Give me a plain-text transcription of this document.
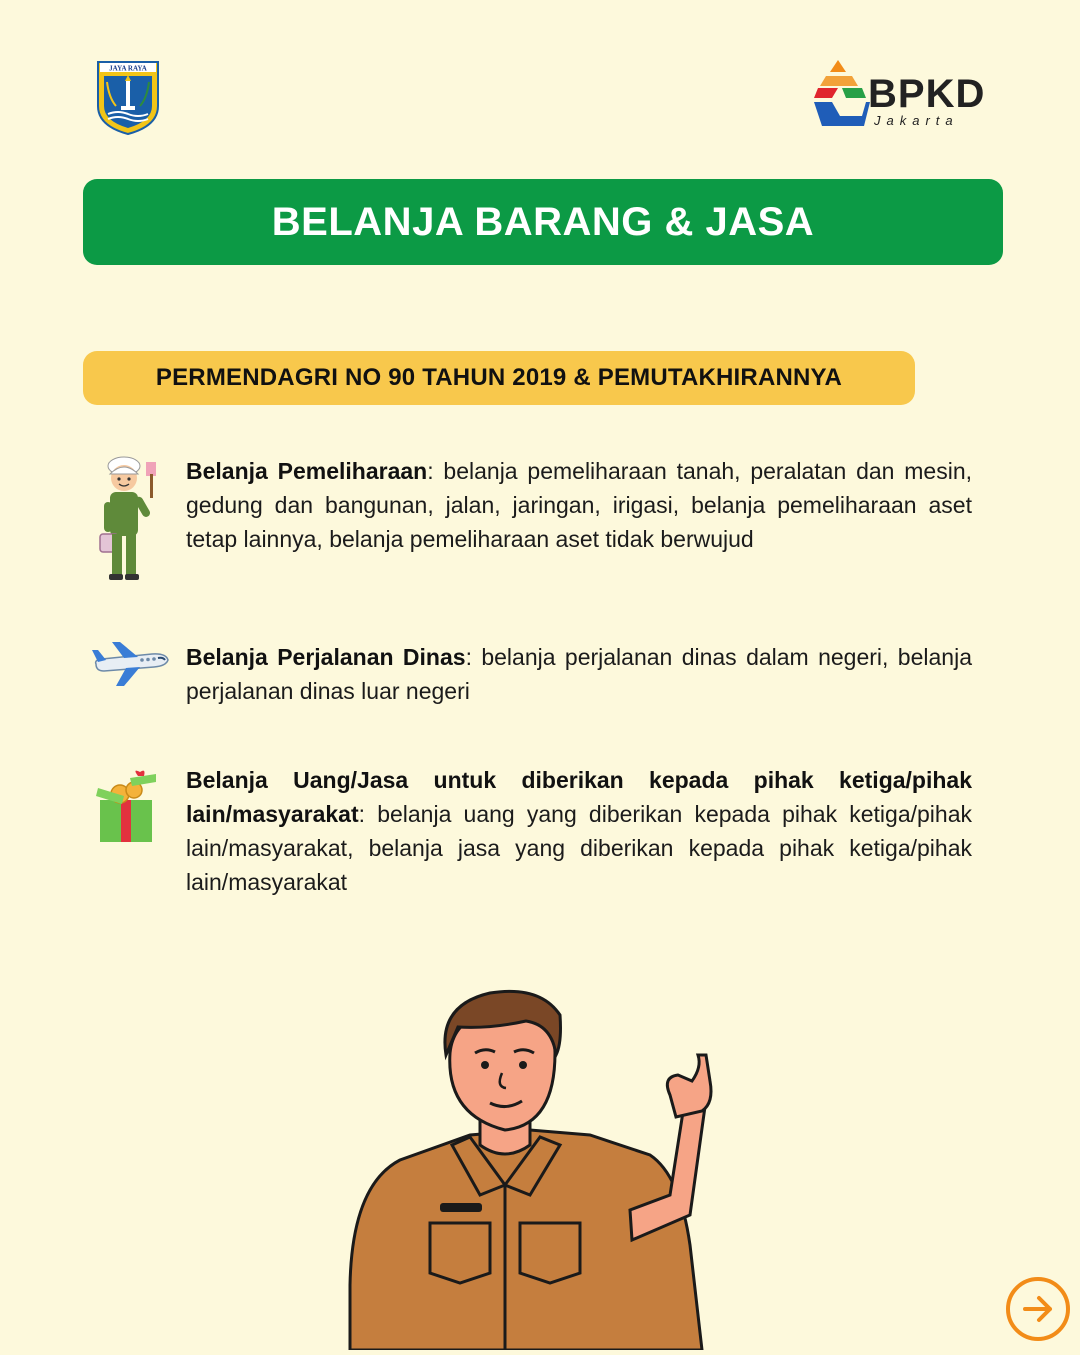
JAYA RAYA
BPKD
Jakarta
BELANJA BARANG & JASA
PERMENDAGRI NO 90 TAHUN 2019 & PEMUTAKHIRANNYA
Belanja Pemeliharaan: belanja pemeliharaan tanah, peralatan dan mesin, gedung dan bangunan, jalan, jaringan, irigasi, belanja pemeliharaan aset tetap lainnya, belanja pemeliharaan aset tidak berwujud
Belanja Perjalanan Dinas: belanja perjalanan dinas dalam negeri, belanja perjalanan dinas luar negeri
Belanja Uang/Jasa untuk diberikan kepada pihak ketiga/pihak lain/masyarakat: belanja uang yang diberikan kepada pihak ketiga/pihak lain/masyarakat, belanja jasa yang diberikan kepada pihak ketiga/pihak lain/masyarakat
